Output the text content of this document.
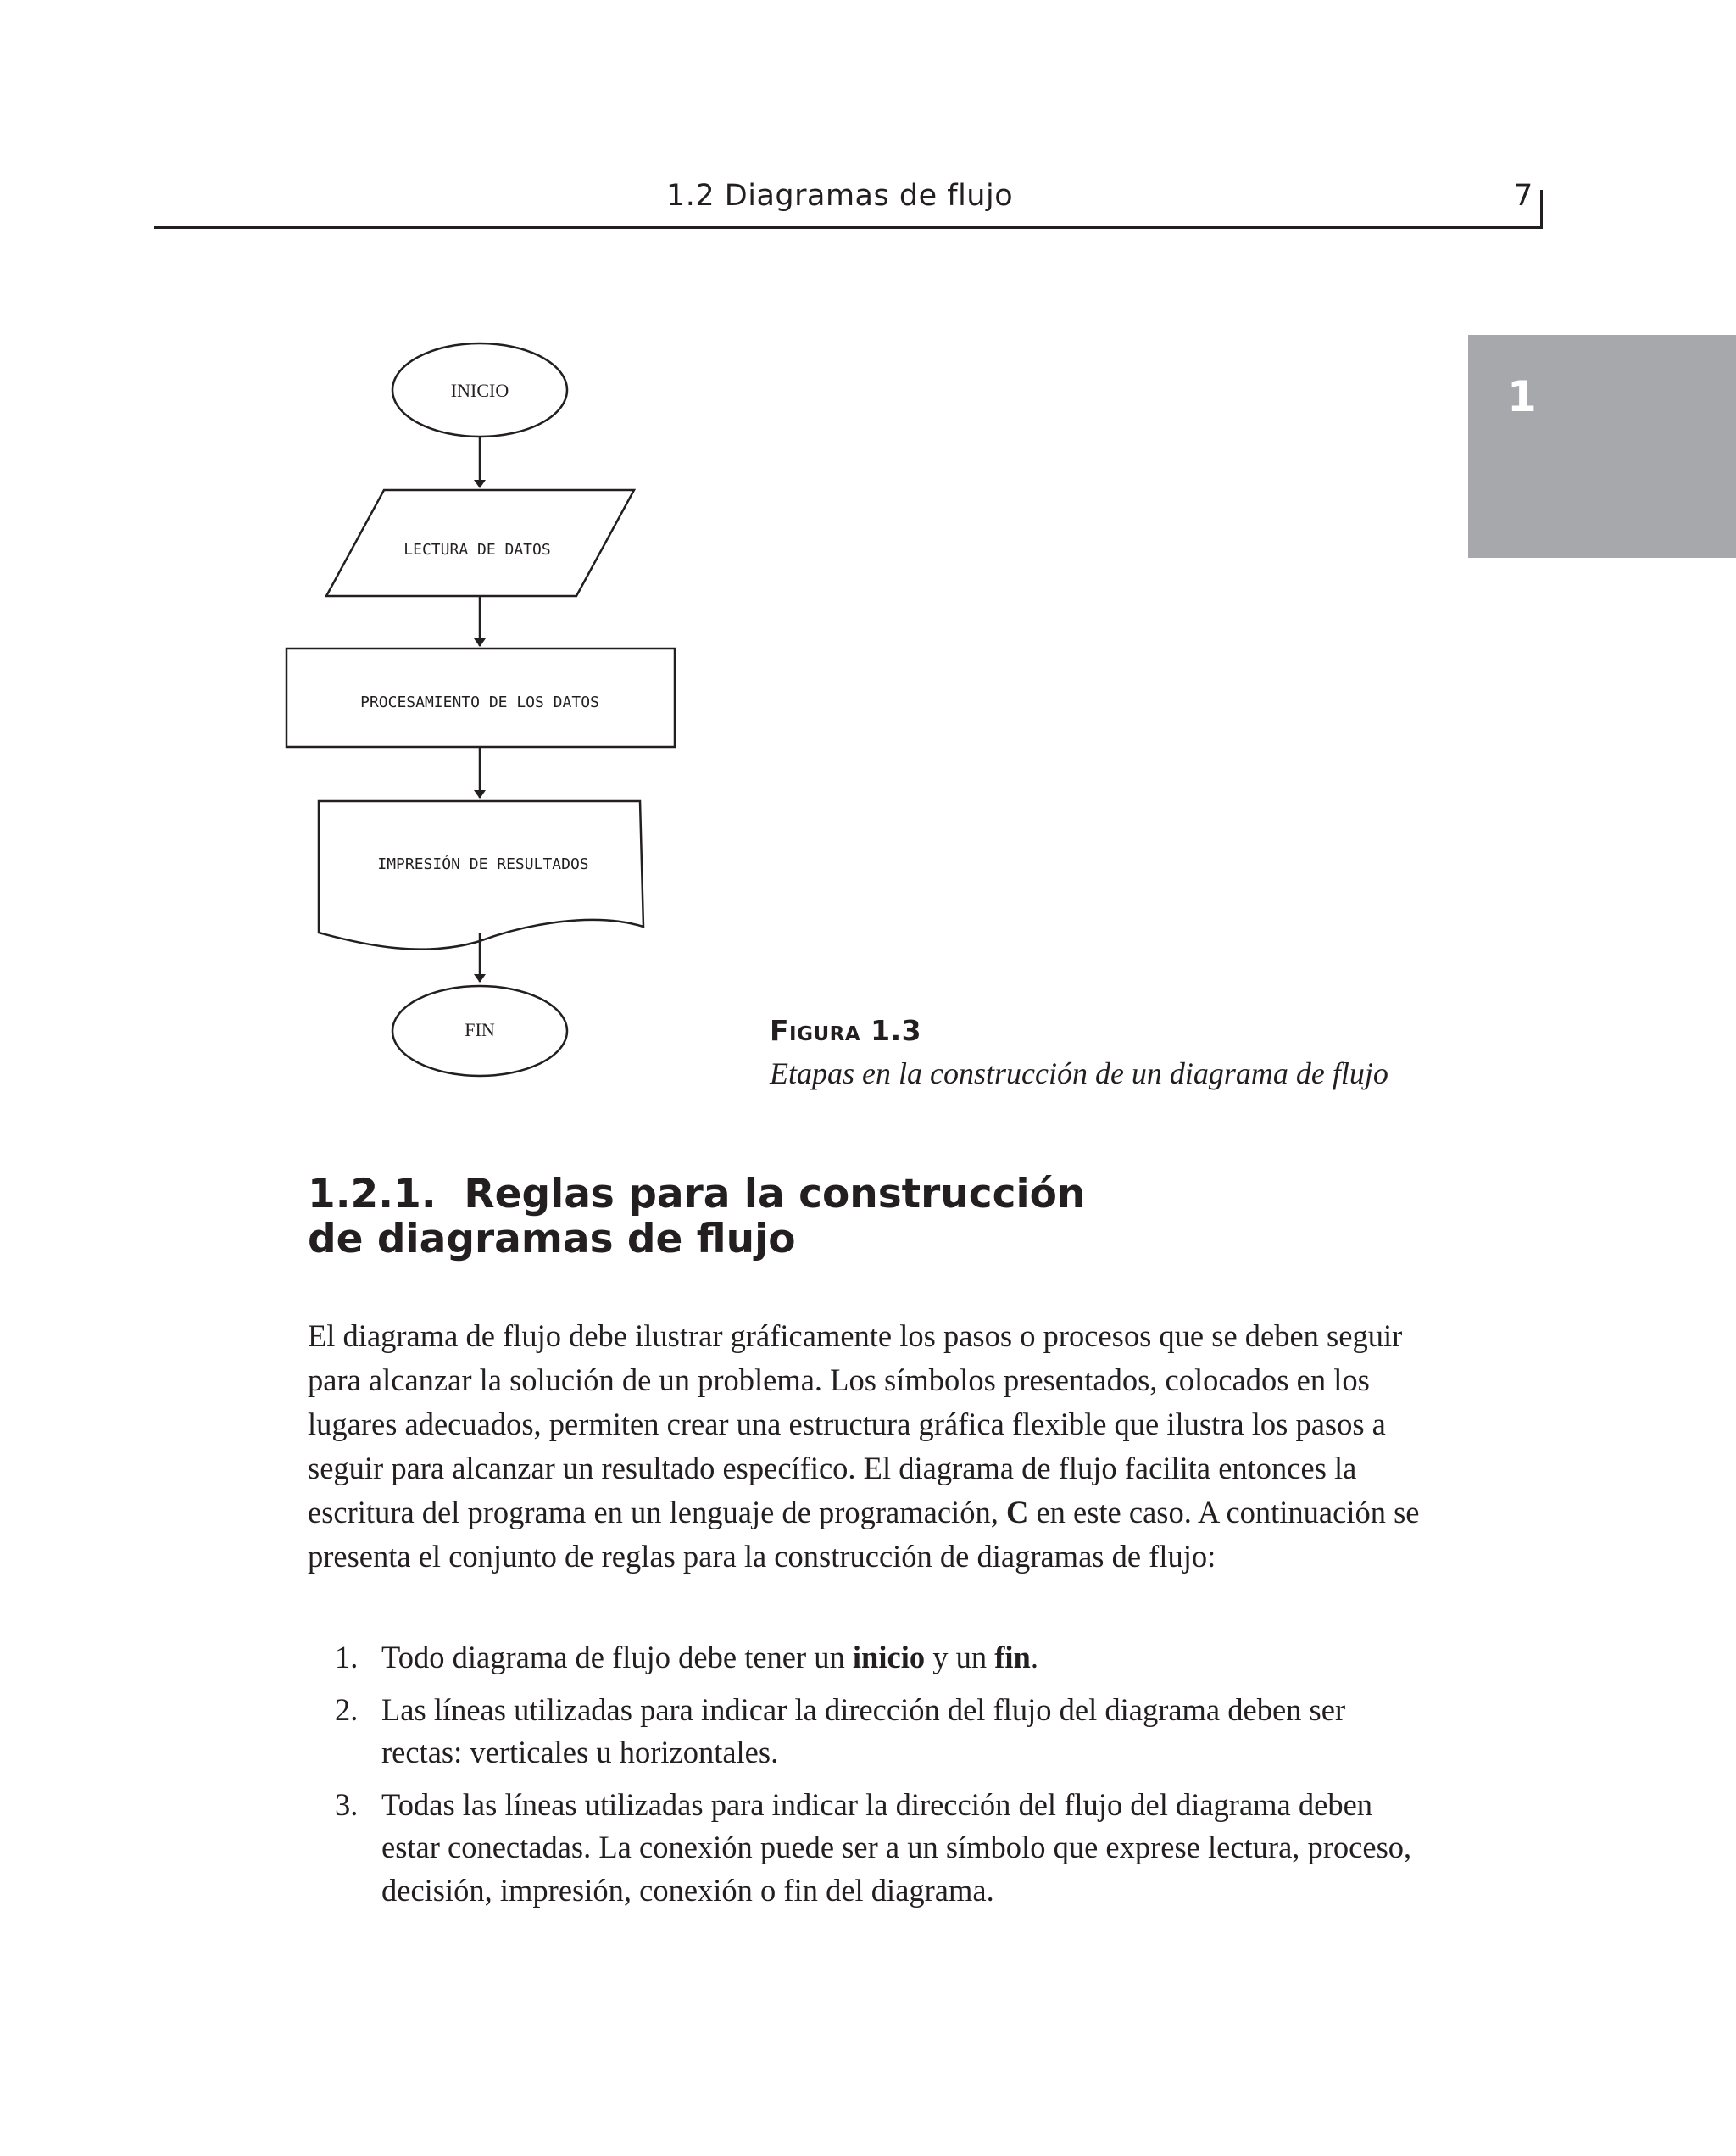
1.2 Diagramas de flujo	7
1
INICIO
LECTURA DE DATOS
PROCESAMIENTO DE LOS DATOS
IMPRESIÓN DE RESULTADOS
FIN	Figura 1.3
Etapas en la construcción de un diagrama de flujo
1.2.1.  Reglas para la construcción
de diagramas de flujo

El diagrama de flujo debe ilustrar gráficamente los pasos o procesos que se deben seguir para alcanzar la solución de un problema. Los símbolos presentados, colocados en los lugares adecuados, permiten crear una estructura gráfica flexible que ilustra los pasos a seguir para alcanzar un resultado específico. El diagrama de flujo facilita entonces la escritura del programa en un lenguaje de programación, C en este caso. A continuación se presenta el conjunto de reglas para la construcción de diagramas de flujo:

1. Todo diagrama de flujo debe tener un inicio y un fin.
2. Las líneas utilizadas para indicar la dirección del flujo del diagrama deben ser rectas: verticales u horizontales.
3. Todas las líneas utilizadas para indicar la dirección del flujo del diagrama deben estar conectadas. La conexión puede ser a un símbolo que exprese lectura, proceso, decisión, impresión, conexión o fin del diagrama.
